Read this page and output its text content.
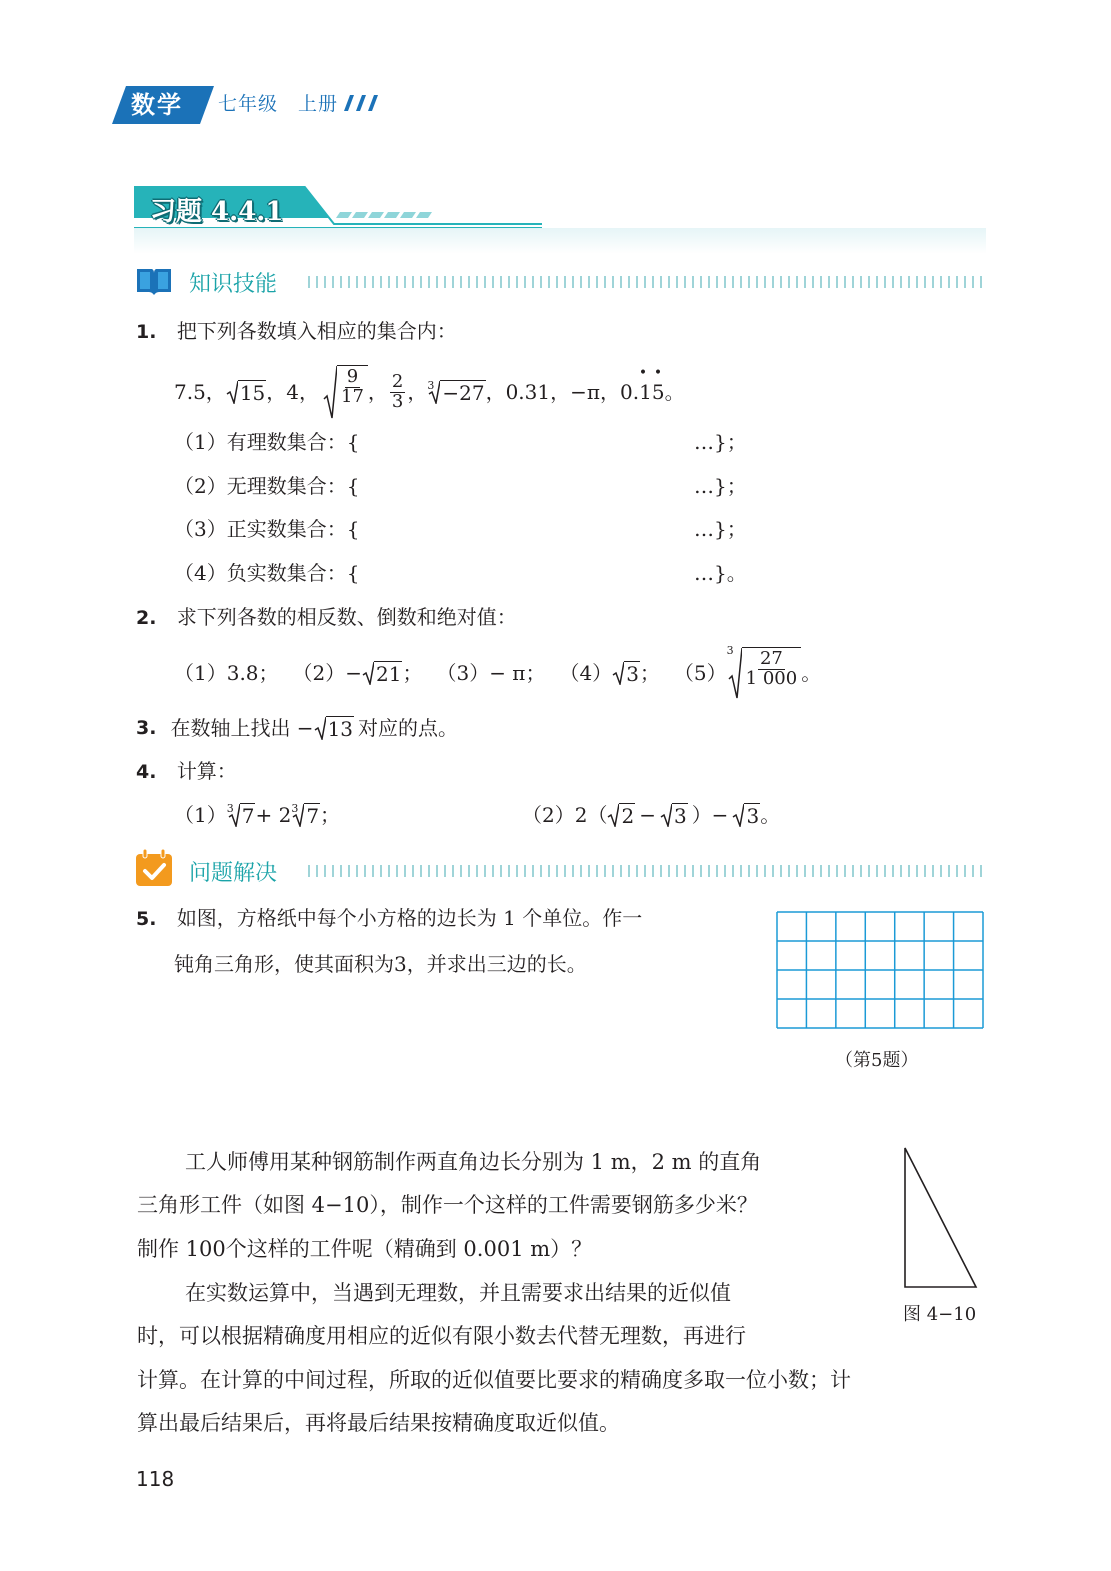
数学	七年级 上册
习题 4.4.1
知识技能
1. 把下列各数填入相应的集合内：
7.5， 15 ，4， $\frac{9}{17}$ ， $\frac{2}{3}$ ， 3 −27 ，0.31，−π，0.1
•
•
5 。
（1）有理数集合：{	…}；
（2）无理数集合：{	…}；
（3）正实数集合：{	…}；
（4）负实数集合：{	…}。
2. 求下列各数的相反数、倒数和绝对值：
（1）3.8； （2）− 21 ； （3）− π； （4） 3 ； （5）
$3 \frac{27}{1 000}$ 。
3 . 在数轴上找出 − 13 对应的点。
4. 计算：
（1） 3 7 + 2 3 7 ；	（2）2（ 2 − 3 ）− 3 。
问题解决
5. 如图，方格纸中每个小方格的边长为 1 个单位。作一
钝角三角形，使其面积为3，并求出三边的长。
（第5题）
工人师傅用某种钢筋制作两直角边长分别为 1 m，2 m 的直角
三角形工件（如图 4−10），制作一个这样的工件需要钢筋多少米？
制作 100个这样的工件呢（精确到 0.001 m）？
在实数运算中，当遇到无理数，并且需要求出结果的近似值
时，可以根据精确度用相应的近似有限小数去代替无理数，再进行
计算。在计算的中间过程，所取的近似值要比要求的精确度多取一位小数；计
算出最后结果后，再将最后结果按精确度取近似值。
图 4−10
118
